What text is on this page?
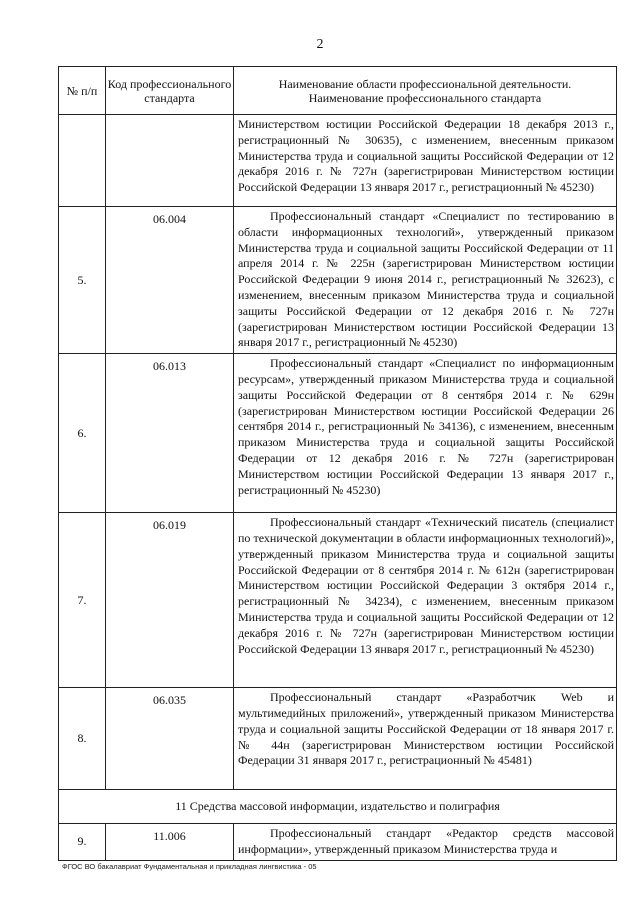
2
№ п/п	Код профессионального стандарта	Наименование области профессиональной деятельности.
Наименование профессионального стандарта

		Министерством юстиции Российской Федерации 18 декабря 2013 г., регистрационный № 30635), с изменением, внесенным приказом Министерства труда и социальной защиты Российской Федерации от 12 декабря 2016 г. № 727н (зарегистрирован Министерством юстиции Российской Федерации 13 января 2017 г., регистрационный № 45230)

5.	06.004	Профессиональный стандарт «Специалист по тестированию в области информационных технологий», утвержденный приказом Министерства труда и социальной защиты Российской Федерации от 11 апреля 2014 г. № 225н (зарегистрирован Министерством юстиции Российской Федерации 9 июня 2014 г., регистрационный № 32623), с изменением, внесенным приказом Министерства труда и социальной защиты Российской Федерации от 12 декабря 2016 г. № 727н (зарегистрирован Министерством юстиции Российской Федерации 13 января 2017 г., регистрационный № 45230)

6.	06.013	Профессиональный стандарт «Специалист по информационным ресурсам», утвержденный приказом Министерства труда и социальной защиты Российской Федерации от 8 сентября 2014 г. № 629н (зарегистрирован Министерством юстиции Российской Федерации 26 сентября 2014 г., регистрационный № 34136), с изменением, внесенным приказом Министерства труда и социальной защиты Российской Федерации от 12 декабря 2016 г. № 727н (зарегистрирован Министерством юстиции Российской Федерации 13 января 2017 г., регистрационный № 45230)

7.	06.019	Профессиональный стандарт «Технический писатель (специалист по технической документации в области информационных технологий)», утвержденный приказом Министерства труда и социальной защиты Российской Федерации от 8 сентября 2014 г. № 612н (зарегистрирован Министерством юстиции Российской Федерации 3 октября 2014 г., регистрационный № 34234), с изменением, внесенным приказом Министерства труда и социальной защиты Российской Федерации от 12 декабря 2016 г. № 727н (зарегистрирован Министерством юстиции Российской Федерации 13 января 2017 г., регистрационный № 45230)

8.	06.035	Профессиональный стандарт «Разработчик Web и мультимедийных приложений», утвержденный приказом Министерства труда и социальной защиты Российской Федерации от 18 января 2017 г. № 44н (зарегистрирован Министерством юстиции Российской Федерации 31 января 2017 г., регистрационный № 45481)

11 Средства массовой информации, издательство и полиграфия		
9.	11.006	Профессиональный стандарт «Редактор средств массовой информации», утвержденный приказом Министерства труда и

ФГОС ВО бакалавриат Фундаментальная и прикладная лингвистика - 05
